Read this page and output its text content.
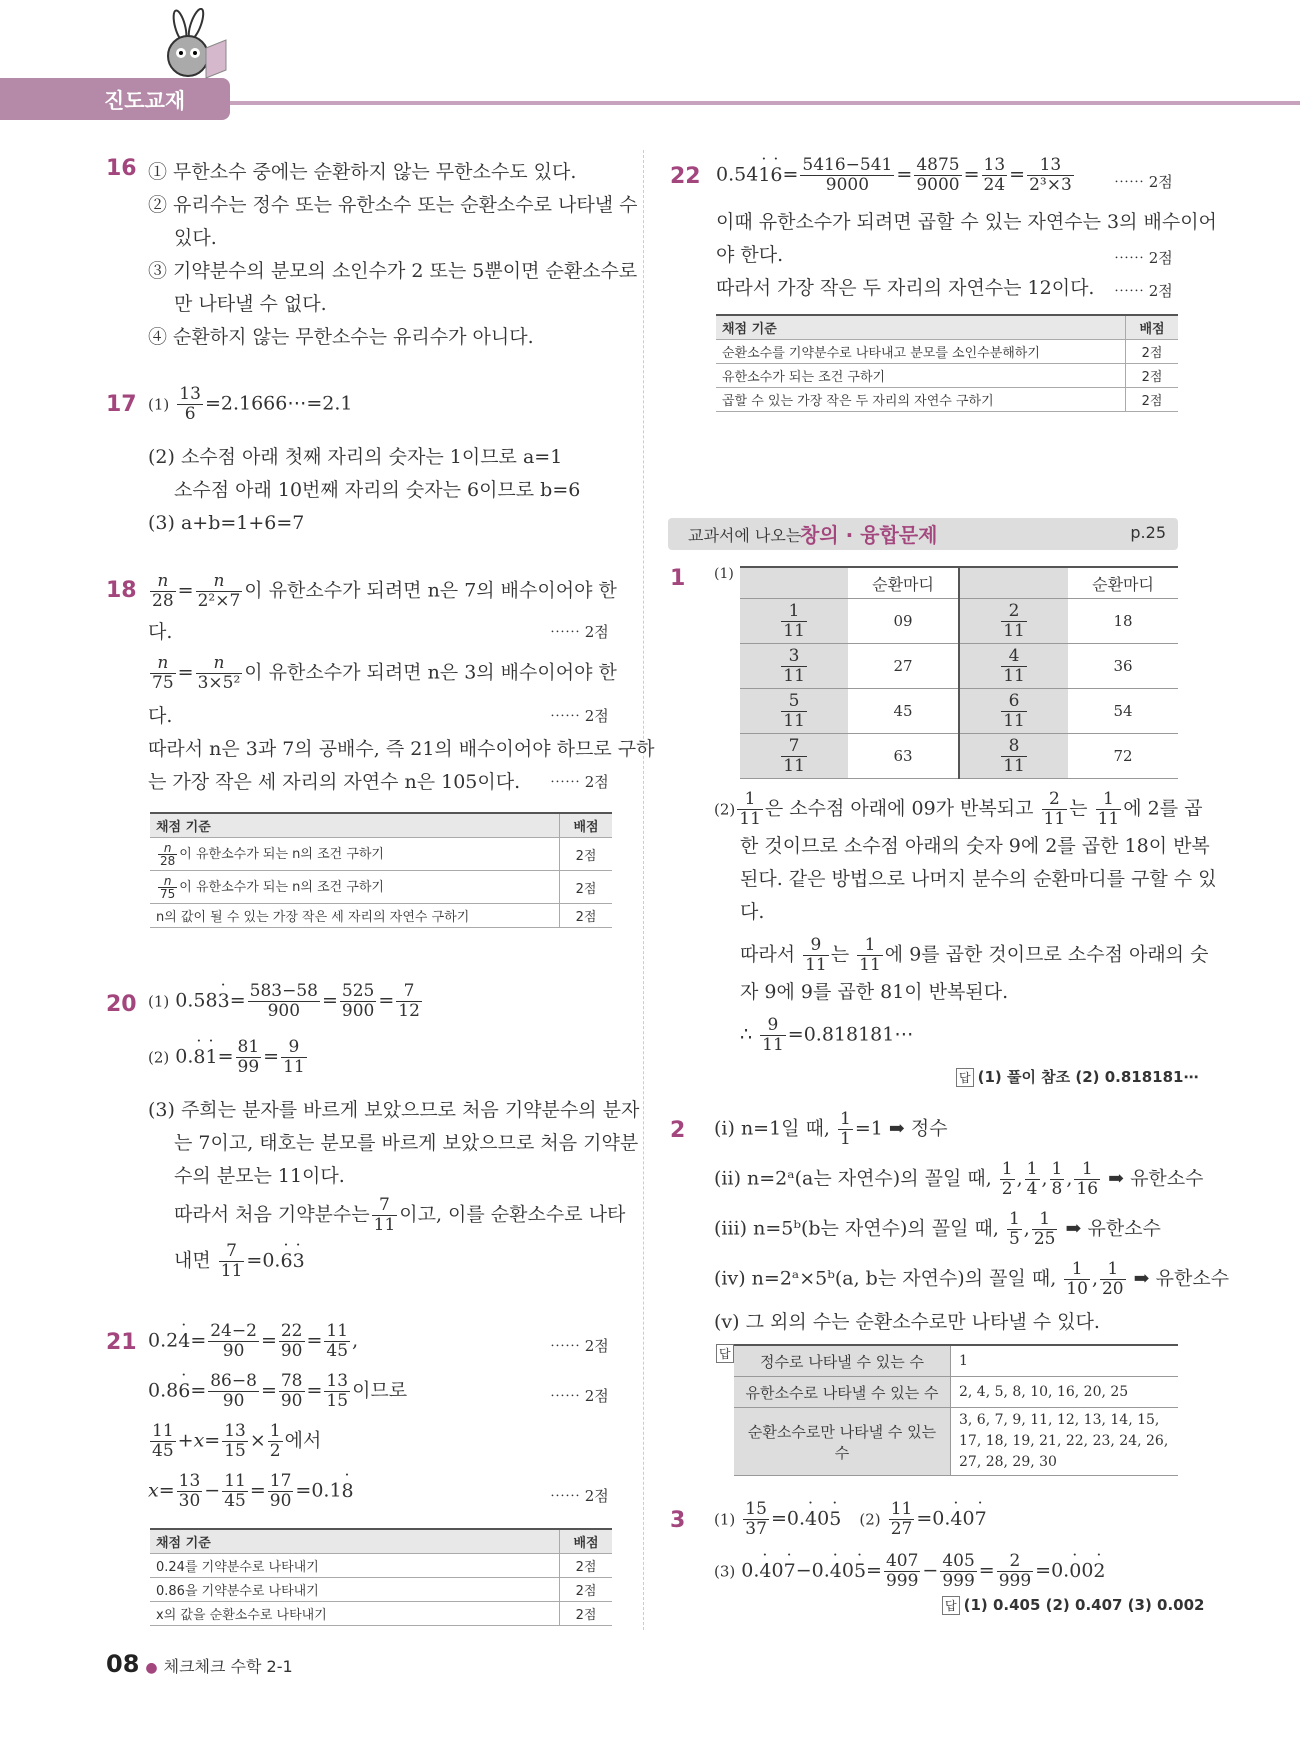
진도교재
16 ① 무한소수 중에는 순환하지 않는 무한소수도 있다.
② 유리수는 정수 또는 유한소수 또는 순환소수로 나타낼 수
있다.
③ 기약분수의 분모의 소인수가 2 또는 5뿐이면 순환소수로
만 나타낼 수 없다.
④ 순환하지 않는 무한소수는 유리수가 아니다.
17 $(1) \frac{13}{6}$ =2.1666⋯=2.1
(2) 소수점 아래 첫째 자리의 숫자는 1이므로 a=1
소수점 아래 10번째 자리의 숫자는 6이므로 b=6
(3) a+b=1+6=7
$18 \frac{n}{28} = \frac{n}{\text{2²×7}}$ 이 유한소수가 되려면 n은 7의 배수이어야 한
다.	⋯⋯ 2점
$\frac{n}{75} = \frac{n}{\text{3×5²}}$ 이 유한소수가 되려면 n은 3의 배수이어야 한
다.	⋯⋯ 2점
따라서 n은 3과 7의 공배수, 즉 21의 배수이어야 하므로 구하
는 가장 작은 세 자리의 자연수 n은 105이다. ⋯⋯ 2점
채점 기준	배점

$\frac{n}{28}$ 이 유한소수가 되는 n의 조건 구하기	2점

$\frac{n}{75}$ 이 유한소수가 되는 n의 조건 구하기	2점
n의 값이 될 수 있는 가장 작은 세 자리의 자연수 구하기	2점
20 (1) 0.58˙ $3= \frac{583-58}{900} = \frac{525}{900} = \frac{7}{12}$
(2) 0.˙ 8˙ $1= \frac{81}{99} = \frac{9}{11}$
(3) 주희는 분자를 바르게 보았으므로 처음 기약분수의 분자
는 7이고, 태호는 분모를 바르게 보았으므로 처음 기약분
수의 분모는 11이다.
따라서 처음 기약분수는 $\frac{7}{11}$ 이고, 이를 순환소수로 나타
내면 $\frac{7}{11}$ =0.˙ 6˙ 3
21 0.2˙ $4= \frac{24-2}{90} = \frac{22}{90} = \frac{11}{45}$ ,	⋯⋯ 2점
0.8˙ $6= \frac{86-8}{90} = \frac{78}{90} = \frac{13}{15}$ 이므로	⋯⋯ 2점
$\frac{11}{45} +x= \frac{13}{15} \times \frac{1}{2}$ 에서
$x= \frac{13}{30} - \frac{11}{45} = \frac{17}{90}$ =0.1˙ 8	⋯⋯ 2점
채점 기준	배점
0.24를 기약분수로 나타내기	2점
0.86을 기약분수로 나타내기	2점
x의 값을 순환소수로 나타내기	2점
22 0.54˙ 1˙ $6= \frac{5416-541}{9000} = \frac{4875}{9000} = \frac{13}{24} = \frac{13}{\text{2³×3}}$	⋯⋯ 2점
이때 유한소수가 되려면 곱할 수 있는 자연수는 3의 배수이어
야 한다.	⋯⋯ 2점
따라서 가장 작은 두 자리의 자연수는 12이다. ⋯⋯ 2점
채점 기준	배점
순환소수를 기약분수로 나타내고 분모를 소인수분해하기	2점
유한소수가 되는 조건 구하기	2점
곱할 수 있는 가장 작은 두 자리의 자연수 구하기	2점
교과서에 나오는
창의 · 융합문제	p.25
1 (1)
	순환마디		순환마디

$\frac{1}{11}$	09	$\frac{2}{11}$	18

$\frac{3}{11}$	27	$\frac{4}{11}$	36

$\frac{5}{11}$	45	$\frac{6}{11}$	54

$\frac{7}{11}$	63	$\frac{8}{11}$	72
$(2) \frac{1}{11}$ 은 소수점 아래에 09가 반복되고 $\frac{2}{11}$ 는 $\frac{1}{11}$ 에 2를 곱
한 것이므로 소수점 아래의 숫자 9에 2를 곱한 18이 반복
된다. 같은 방법으로 나머지 분수의 순환마디를 구할 수 있
다.
따라서 $\frac{9}{11}$ 는 $\frac{1}{11}$ 에 9를 곱한 것이므로 소수점 아래의 숫
자 9에 9를 곱한 81이 반복된다.
∴ $\frac{9}{11}$ =0.818181⋯
답 (1) 풀이 참조 (2) 0.818181⋯
2 (ⅰ) n=1일 때, $\frac{1}{1} =1$ ➡ 정수
(ⅱ) n=2ᵃ(a는 자연수)의 꼴일 때, $\frac{1}{2}$ , $\frac{1}{4}$ , $\frac{1}{8}$ , $\frac{1}{16}$ ➡ 유한소수
(ⅲ) n=5ᵇ(b는 자연수)의 꼴일 때, $\frac{1}{5}$ , $\frac{1}{25}$ ➡ 유한소수
(ⅳ) n=2ᵃ×5ᵇ(a, b는 자연수)의 꼴일 때, $\frac{1}{10}$ , $\frac{1}{20}$ ➡ 유한소수
(ⅴ) 그 외의 수는 순환소수로만 나타낼 수 있다.
답 정수로 나타낼 수 있는 수	1
유한소수로 나타낼 수 있는 수	2, 4, 5, 8, 10, 16, 20, 25
순환소수로만 나타낼 수 있는 수	3, 6, 7, 9, 11, 12, 13, 14, 15, 17, 18, 19, 21, 22, 23, 24, 26, 27, 28, 29, 30
3 $(1) \frac{15}{37}$ =0.˙ 40˙ 5 $(2) \frac{11}{27}$ =0.˙ 40˙ 7
(3) 0.˙ 40˙ 7−0.˙ 40˙ $5= \frac{407}{999} - \frac{405}{999} = \frac{2}{999}$ =0.˙ 00˙ 2
답 (1) 0.405 (2) 0.407 (3) 0.002
08 ● 체크체크 수학 2-1
